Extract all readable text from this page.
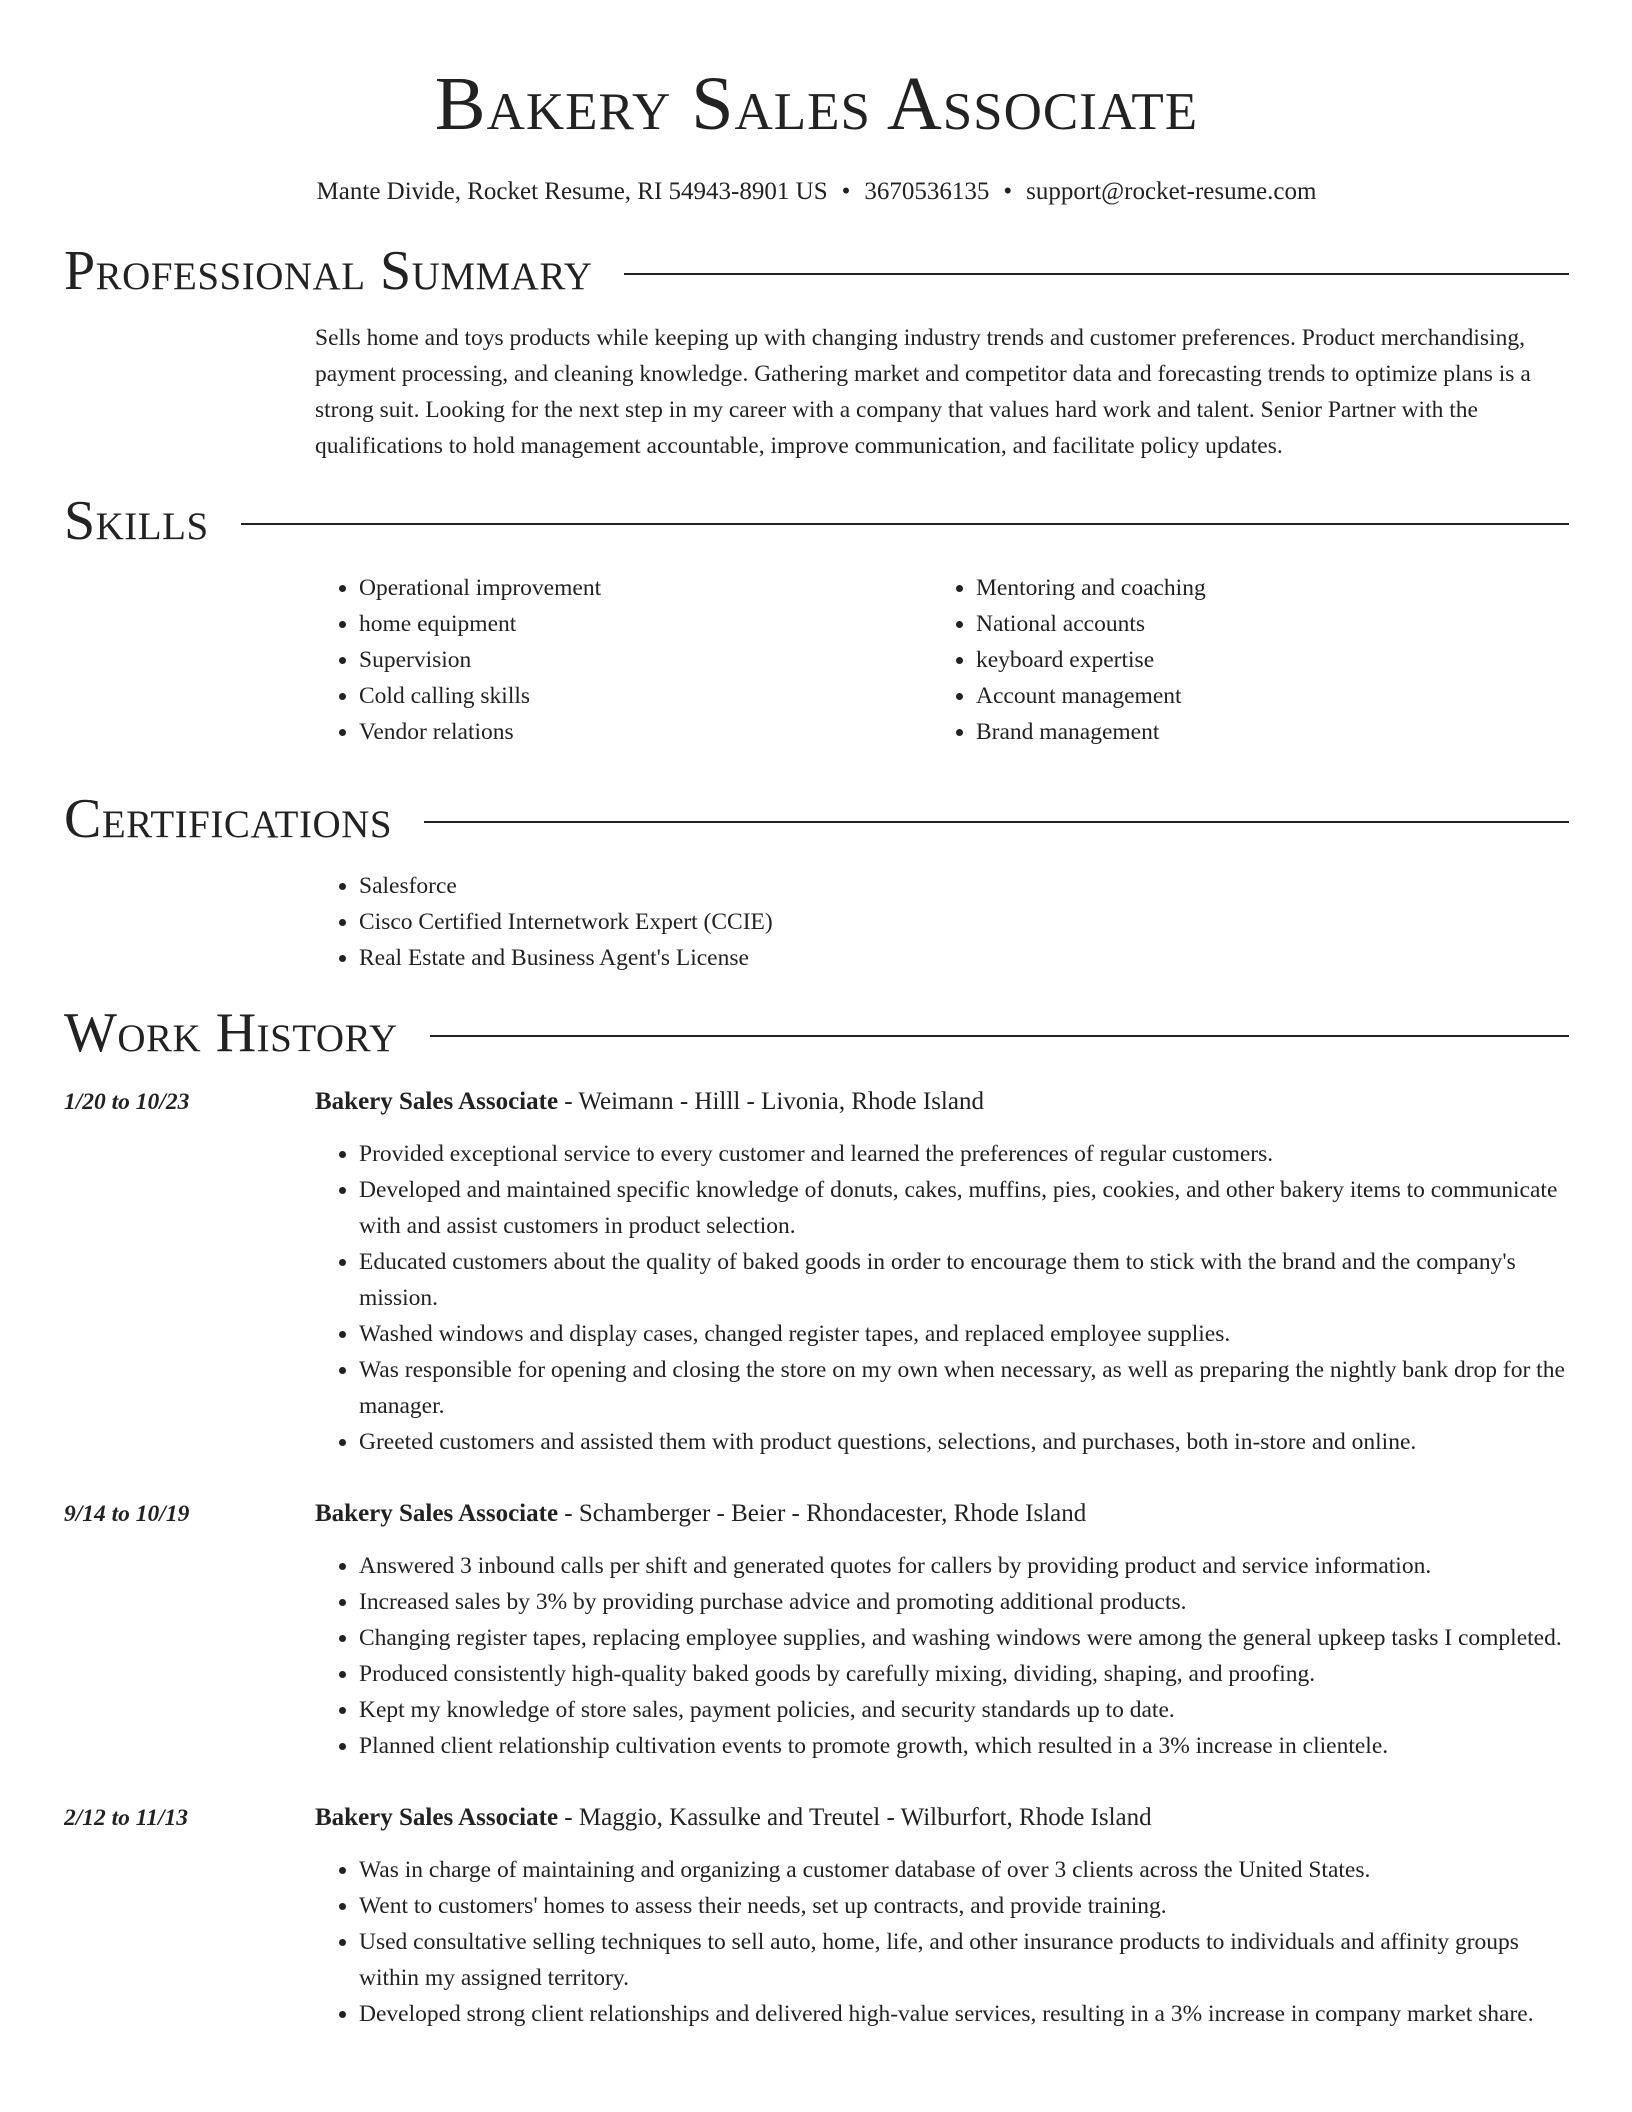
Bakery Sales Associate
Mante Divide, Rocket Resume, RI 54943-8901 US • 3670536135 • support@rocket-resume.com
Professional Summary
Sells home and toys products while keeping up with changing industry trends and customer preferences. Product merchandising, payment processing, and cleaning knowledge. Gathering market and competitor data and forecasting trends to optimize plans is a strong suit. Looking for the next step in my career with a company that values hard work and talent. Senior Partner with the qualifications to hold management accountable, improve communication, and facilitate policy updates.
Skills
• Operational improvement
• home equipment
• Supervision
• Cold calling skills
• Vendor relations
• Mentoring and coaching
• National accounts
• keyboard expertise
• Account management
• Brand management
Certifications
• Salesforce
• Cisco Certified Internetwork Expert (CCIE)
• Real Estate and Business Agent's License
Work History
1/20 to 10/23	Bakery Sales Associate - Weimann - Hilll - Livonia, Rhode Island
• Provided exceptional service to every customer and learned the preferences of regular customers.
• Developed and maintained specific knowledge of donuts, cakes, muffins, pies, cookies, and other bakery items to communicate with and assist customers in product selection.
• Educated customers about the quality of baked goods in order to encourage them to stick with the brand and the company's mission.
• Washed windows and display cases, changed register tapes, and replaced employee supplies.
• Was responsible for opening and closing the store on my own when necessary, as well as preparing the nightly bank drop for the manager.
• Greeted customers and assisted them with product questions, selections, and purchases, both in-store and online.
9/14 to 10/19	Bakery Sales Associate - Schamberger - Beier - Rhondacester, Rhode Island
• Answered 3 inbound calls per shift and generated quotes for callers by providing product and service information.
• Increased sales by 3% by providing purchase advice and promoting additional products.
• Changing register tapes, replacing employee supplies, and washing windows were among the general upkeep tasks I completed.
• Produced consistently high-quality baked goods by carefully mixing, dividing, shaping, and proofing.
• Kept my knowledge of store sales, payment policies, and security standards up to date.
• Planned client relationship cultivation events to promote growth, which resulted in a 3% increase in clientele.
2/12 to 11/13	Bakery Sales Associate - Maggio, Kassulke and Treutel - Wilburfort, Rhode Island
• Was in charge of maintaining and organizing a customer database of over 3 clients across the United States.
• Went to customers' homes to assess their needs, set up contracts, and provide training.
• Used consultative selling techniques to sell auto, home, life, and other insurance products to individuals and affinity groups within my assigned territory.
• Developed strong client relationships and delivered high-value services, resulting in a 3% increase in company market share.
